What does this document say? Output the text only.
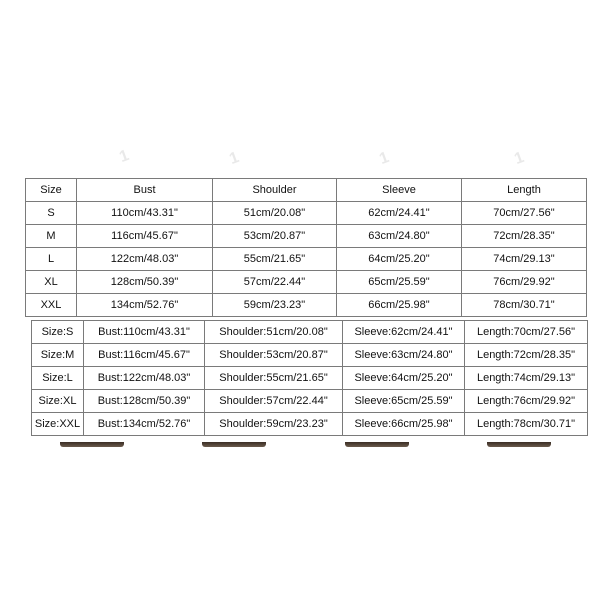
1	1	1
1
Size	Bust	Shoulder	Sleeve	Length
S	110cm/43.31"	51cm/20.08"	62cm/24.41"	70cm/27.56"
M	116cm/45.67"	53cm/20.87"	63cm/24.80"	72cm/28.35"
L	122cm/48.03"	55cm/21.65"	64cm/25.20"	74cm/29.13"
XL	128cm/50.39"	57cm/22.44"	65cm/25.59"	76cm/29.92"
XXL	134cm/52.76"	59cm/23.23"	66cm/25.98"	78cm/30.71"
Size:S	Bust:110cm/43.31"	Shoulder:51cm/20.08"	Sleeve:62cm/24.41"	Length:70cm/27.56"
Size:M	Bust:116cm/45.67"	Shoulder:53cm/20.87"	Sleeve:63cm/24.80"	Length:72cm/28.35"
Size:L	Bust:122cm/48.03"	Shoulder:55cm/21.65"	Sleeve:64cm/25.20"	Length:74cm/29.13"
Size:XL	Bust:128cm/50.39"	Shoulder:57cm/22.44"	Sleeve:65cm/25.59"	Length:76cm/29.92"
Size:XXL	Bust:134cm/52.76"	Shoulder:59cm/23.23"	Sleeve:66cm/25.98"	Length:78cm/30.71"
